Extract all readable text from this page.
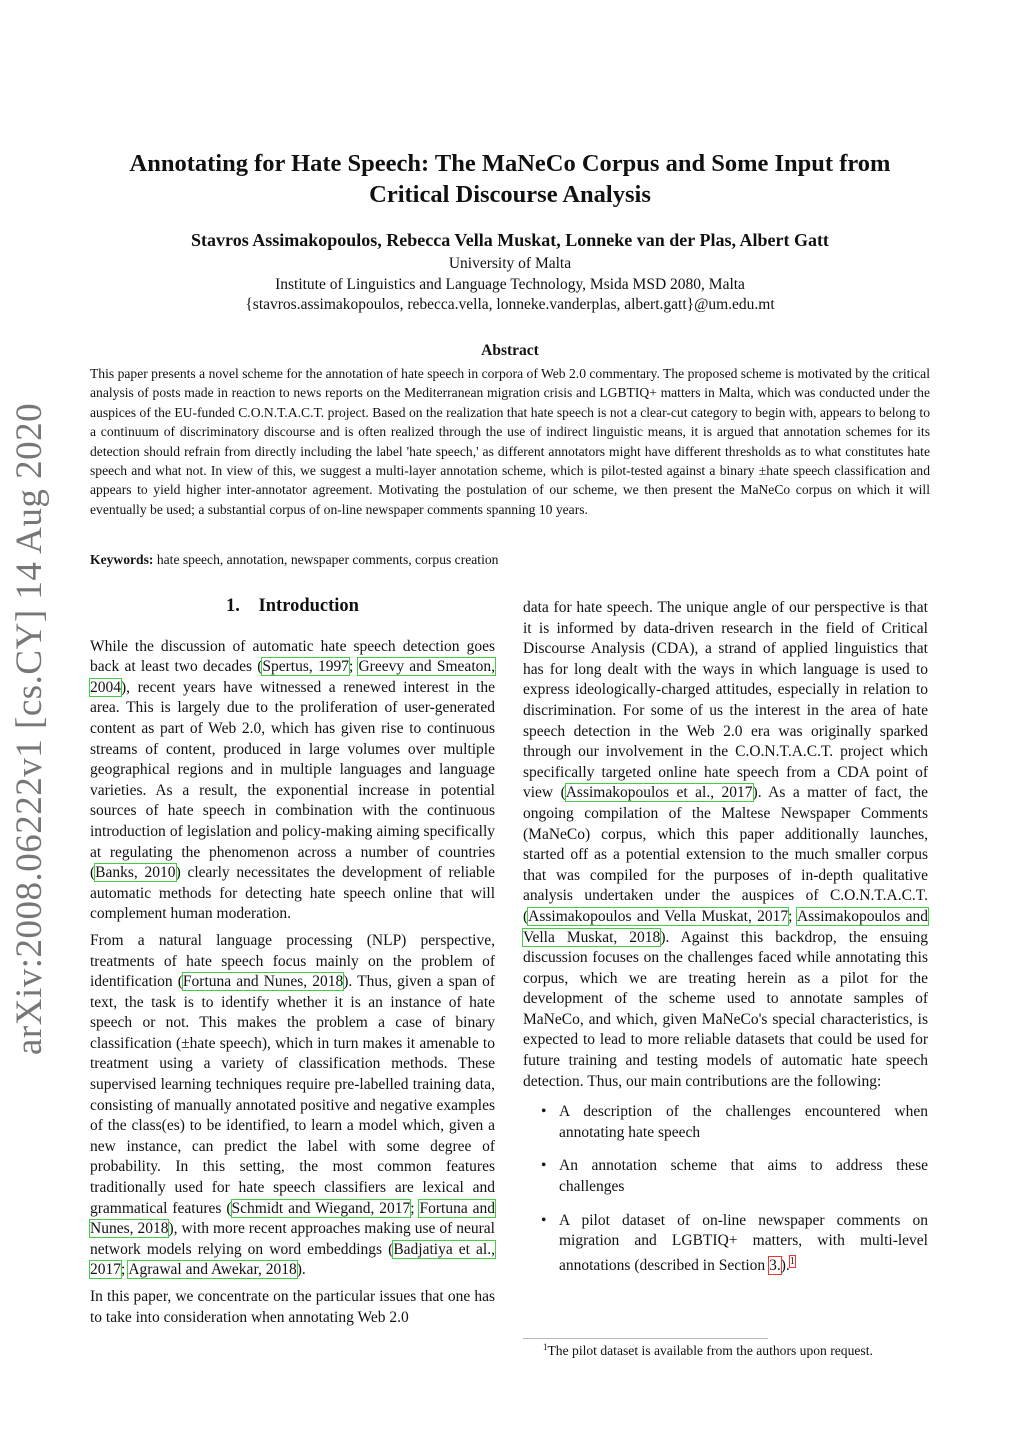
arXiv:2008.06222v1 [cs.CY] 14 Aug 2020
Annotating for Hate Speech: The MaNeCo Corpus and Some Input from
Critical Discourse Analysis
Stavros Assimakopoulos, Rebecca Vella Muskat, Lonneke van der Plas, Albert Gatt
University of Malta
Institute of Linguistics and Language Technology, Msida MSD 2080, Malta
{stavros.assimakopoulos, rebecca.vella, lonneke.vanderplas, albert.gatt}@um.edu.mt
Abstract
This paper presents a novel scheme for the annotation of hate speech in corpora of Web 2.0 commentary. The proposed scheme is motivated by the critical analysis of posts made in reaction to news reports on the Mediterranean migration crisis and LGBTIQ+ matters in Malta, which was conducted under the auspices of the EU-funded C.O.N.T.A.C.T. project. Based on the realization that hate speech is not a clear-cut category to begin with, appears to belong to a continuum of discriminatory discourse and is often realized through the use of indirect linguistic means, it is argued that annotation schemes for its detection should refrain from directly including the label 'hate speech,' as different annotators might have different thresholds as to what constitutes hate speech and what not. In view of this, we suggest a multi-layer annotation scheme, which is pilot-tested against a binary ±hate speech classification and appears to yield higher inter-annotator agreement. Motivating the postulation of our scheme, we then present the MaNeCo corpus on which it will eventually be used; a substantial corpus of on-line newspaper comments spanning 10 years.
Keywords: hate speech, annotation, newspaper comments, corpus creation
1. Introduction

While the discussion of automatic hate speech detection goes back at least two decades (Spertus, 1997; Greevy and Smeaton, 2004), recent years have witnessed a renewed interest in the area. This is largely due to the proliferation of user-generated content as part of Web 2.0, which has given rise to continuous streams of content, produced in large volumes over multiple geographical regions and in multiple languages and language varieties. As a result, the exponential increase in potential sources of hate speech in combination with the continuous introduction of legislation and policy-making aiming specifically at regulating the phenomenon across a number of countries (Banks, 2010) clearly necessitates the development of reliable automatic methods for detecting hate speech online that will complement human moderation.

From a natural language processing (NLP) perspective, treatments of hate speech focus mainly on the problem of identification (Fortuna and Nunes, 2018). Thus, given a span of text, the task is to identify whether it is an instance of hate speech or not. This makes the problem a case of binary classification (±hate speech), which in turn makes it amenable to treatment using a variety of classification methods. These supervised learning techniques require pre-labelled training data, consisting of manually annotated positive and negative examples of the class(es) to be identified, to learn a model which, given a new instance, can predict the label with some degree of probability. In this setting, the most common features traditionally used for hate speech classifiers are lexical and grammatical features (Schmidt and Wiegand, 2017; Fortuna and Nunes, 2018), with more recent approaches making use of neural network models relying on word embeddings (Badjatiya et al., 2017; Agrawal and Awekar, 2018).

In this paper, we concentrate on the particular issues that one has to take into consideration when annotating Web 2.0

data for hate speech. The unique angle of our perspective is that it is informed by data-driven research in the field of Critical Discourse Analysis (CDA), a strand of applied linguistics that has for long dealt with the ways in which language is used to express ideologically-charged attitudes, especially in relation to discrimination. For some of us the interest in the area of hate speech detection in the Web 2.0 era was originally sparked through our involvement in the C.O.N.T.A.C.T. project which specifically targeted online hate speech from a CDA point of view (Assimakopoulos et al., 2017). As a matter of fact, the ongoing compilation of the Maltese Newspaper Comments (MaNeCo) corpus, which this paper additionally launches, started off as a potential extension to the much smaller corpus that was compiled for the purposes of in-depth qualitative analysis undertaken under the auspices of C.O.N.T.A.C.T. (Assimakopoulos and Vella Muskat, 2017; Assimakopoulos and Vella Muskat, 2018). Against this backdrop, the ensuing discussion focuses on the challenges faced while annotating this corpus, which we are treating herein as a pilot for the development of the scheme used to annotate samples of MaNeCo, and which, given MaNeCo's special characteristics, is expected to lead to more reliable datasets that could be used for future training and testing models of automatic hate speech detection. Thus, our main contributions are the following:

• A description of the challenges encountered when annotating hate speech
• An annotation scheme that aims to address these challenges
• A pilot dataset of on-line newspaper comments on migration and LGBTIQ+ matters, with multi-level annotations (described in Section 3.).$^1$
$^1$The pilot dataset is available from the authors upon request.
